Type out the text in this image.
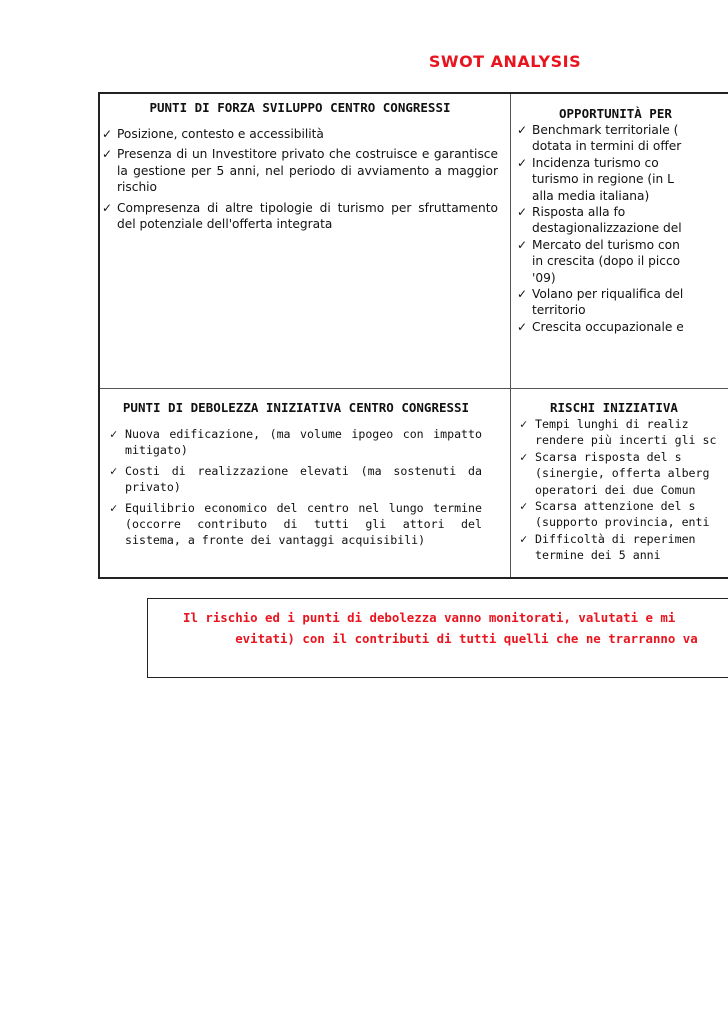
SWOT ANALYSIS
PUNTI DI FORZA SVILUPPO CENTRO CONGRESSI
✓ Posizione, contesto e accessibilità
✓ Presenza di un Investitore privato che costruisce e garantisce la gestione per 5 anni, nel periodo di avviamento a maggior rischio
✓ Compresenza di altre tipologie di turismo per sfruttamento del potenziale dell'offerta integrata
OPPORTUNITÀ PER
✓ Benchmark territoriale (
dotata in termini di offer
✓ Incidenza turismo co
turismo in regione (in L
alla media italiana)
✓ Risposta alla fo
destagionalizzazione del
✓ Mercato del turismo con
in crescita (dopo il picco
'09)
✓ Volano per riqualifica del
territorio
✓ Crescita occupazionale e
PUNTI DI DEBOLEZZA INIZIATIVA CENTRO CONGRESSI
✓ Nuova edificazione, (ma volume ipogeo con impatto mitigato)
✓ Costi di realizzazione elevati (ma sostenuti da privato)
✓ Equilibrio economico del centro nel lungo termine (occorre contributo di tutti gli attori del sistema, a fronte dei vantaggi acquisibili)
RISCHI INIZIATIVA
✓ Tempi lunghi di realiz
rendere più incerti gli sc
✓ Scarsa risposta del s
(sinergie, offerta alberg
operatori dei due Comun
✓ Scarsa attenzione del s
(supporto provincia, enti
✓ Difficoltà di reperimen
termine dei 5 anni
Il rischio ed i punti di debolezza vanno monitorati, valutati e mi
evitati) con il contributi di tutti quelli che ne trarranno va
